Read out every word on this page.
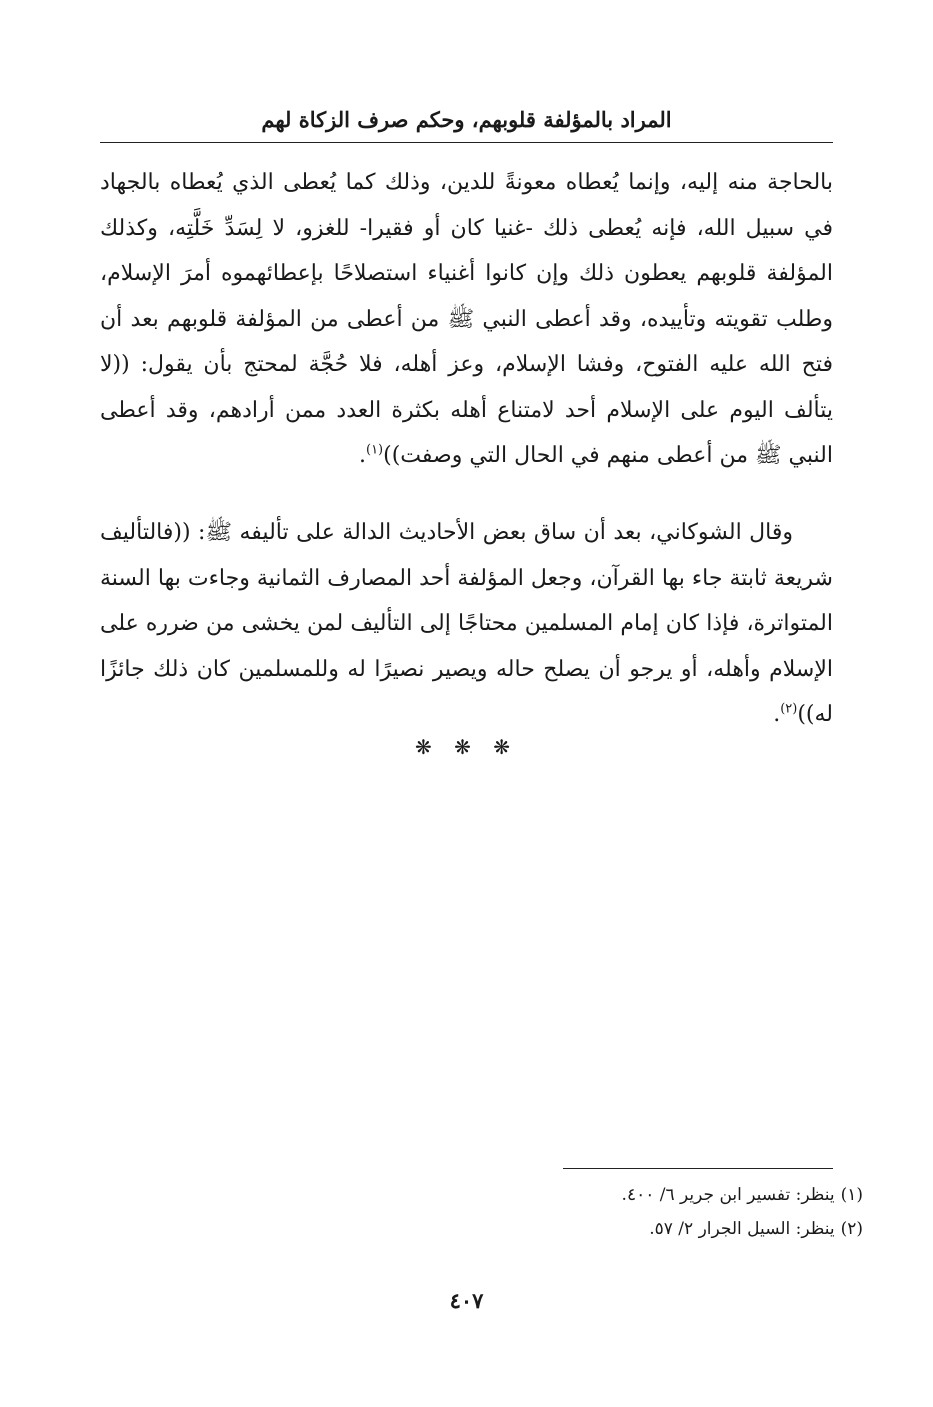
المراد بالمؤلفة قلوبهم، وحكم صرف الزكاة لهم

بالحاجة منه إليه، وإنما يُعطاه معونةً للدين، وذلك كما يُعطى الذي يُعطاه بالجهاد في سبيل الله، فإنه يُعطى ذلك -غنيا كان أو فقيرا- للغزو، لا لِسَدِّ خَلَّتِه، وكذلك المؤلفة قلوبهم يعطون ذلك وإن كانوا أغنياء استصلاحًا بإعطائهموه أمرَ الإسلام، وطلب تقويته وتأييده، وقد أعطى النبي ﷺ من أعطى من المؤلفة قلوبهم بعد أن فتح الله عليه الفتوح، وفشا الإسلام، وعز أهله، فلا حُجَّة لمحتج بأن يقول: ((لا يتألف اليوم على الإسلام أحد لامتناع أهله بكثرة العدد ممن أرادهم، وقد أعطى النبي ﷺ من أعطى منهم في الحال التي وصفت))$^{(١)}$.

وقال الشوكاني، بعد أن ساق بعض الأحاديث الدالة على تأليفه ﷺ: ((فالتأليف شريعة ثابتة جاء بها القرآن، وجعل المؤلفة أحد المصارف الثمانية وجاءت بها السنة المتواترة، فإذا كان إمام المسلمين محتاجًا إلى التأليف لمن يخشى من ضرره على الإسلام وأهله، أو يرجو أن يصلح حاله ويصير نصيرًا له وللمسلمين كان ذلك جائزًا له))$^{(٢)}$.

❋ ❋ ❋
(١)ينظر: تفسير ابن جرير ٦/ ٤٠٠.
(٢)ينظر: السيل الجرار ٢/ ٥٧.
٤٠٧
